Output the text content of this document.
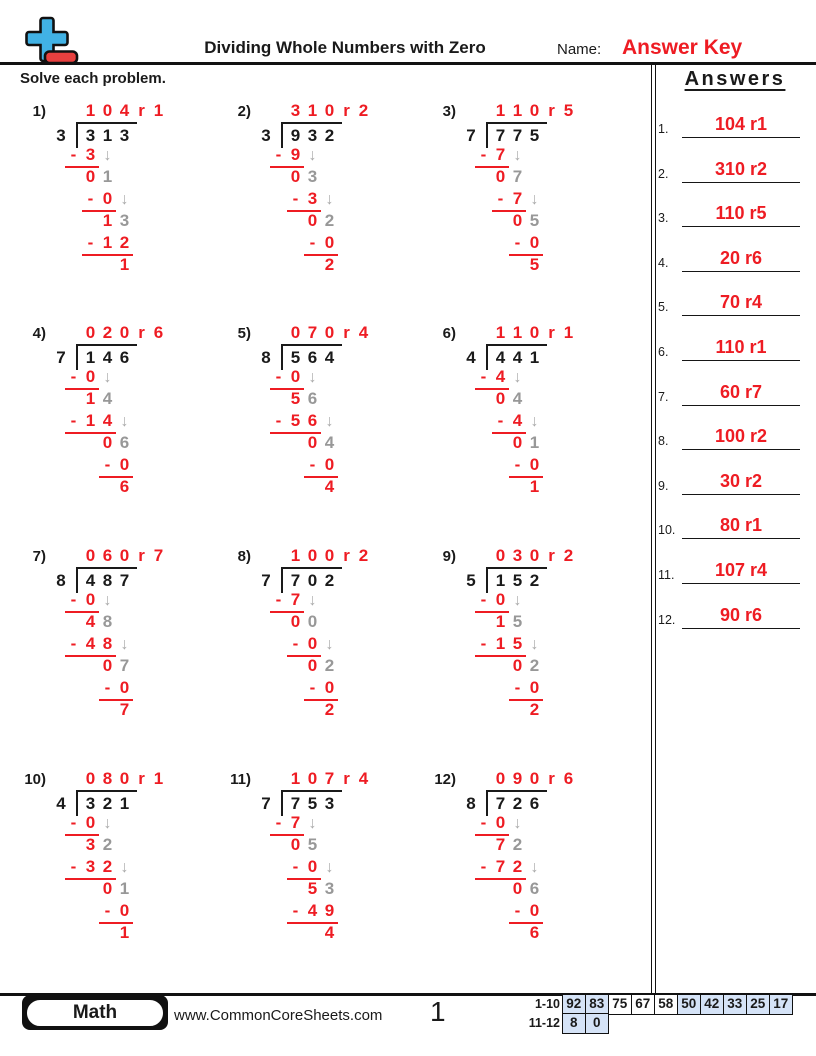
Dividing Whole Numbers with Zero	Name: Answer Key
Solve each problem.
1) 1 0 4 r 1
3 3 1 3
- 3 ↓
0 1
- 0 ↓
1 3
- 1 2
1
2) 3 1 0 r 2
3 9 3 2
- 9 ↓
0 3
- 3 ↓
0 2
- 0
2
3) 1 1 0 r 5
7 7 7 5
- 7 ↓
0 7
- 7 ↓
0 5
- 0
5
4) 0 2 0 r 6
7 1 4 6
- 0 ↓
1 4
- 1 4 ↓
0 6
- 0
6
5) 0 7 0 r 4
8 5 6 4
- 0 ↓
5 6
- 5 6 ↓
0 4
- 0
4
6) 1 1 0 r 1
4 4 4 1
- 4 ↓
0 4
- 4 ↓
0 1
- 0
1
7) 0 6 0 r 7
8 4 8 7
- 0 ↓
4 8
- 4 8 ↓
0 7
- 0
7
8) 1 0 0 r 2
7 7 0 2
- 7 ↓
0 0
- 0 ↓
0 2
- 0
2
9) 0 3 0 r 2
5 1 5 2
- 0 ↓
1 5
- 1 5 ↓
0 2
- 0
2
10) 0 8 0 r 1
4 3 2 1
- 0 ↓
3 2
- 3 2 ↓
0 1
- 0
1
11) 1 0 7 r 4
7 7 5 3
- 7 ↓
0 5
- 0 ↓
5 3
- 4 9
4
12) 0 9 0 r 6
8 7 2 6
- 0 ↓
7 2
- 7 2 ↓
0 6
- 0
6
Answers
1.	104 r1
2.	310 r2
3.	110 r5
4.	20 r6
5.	70 r4
6.	110 r1
7.	60 r7
8.	100 r2
9.	30 r2
10.	80 r1
11.	107 r4
12.	90 r6
Math	www.CommonCoreSheets.com 1	1-10 92 83 75 67 58 50 42 33 25 17
11-12 8	0
